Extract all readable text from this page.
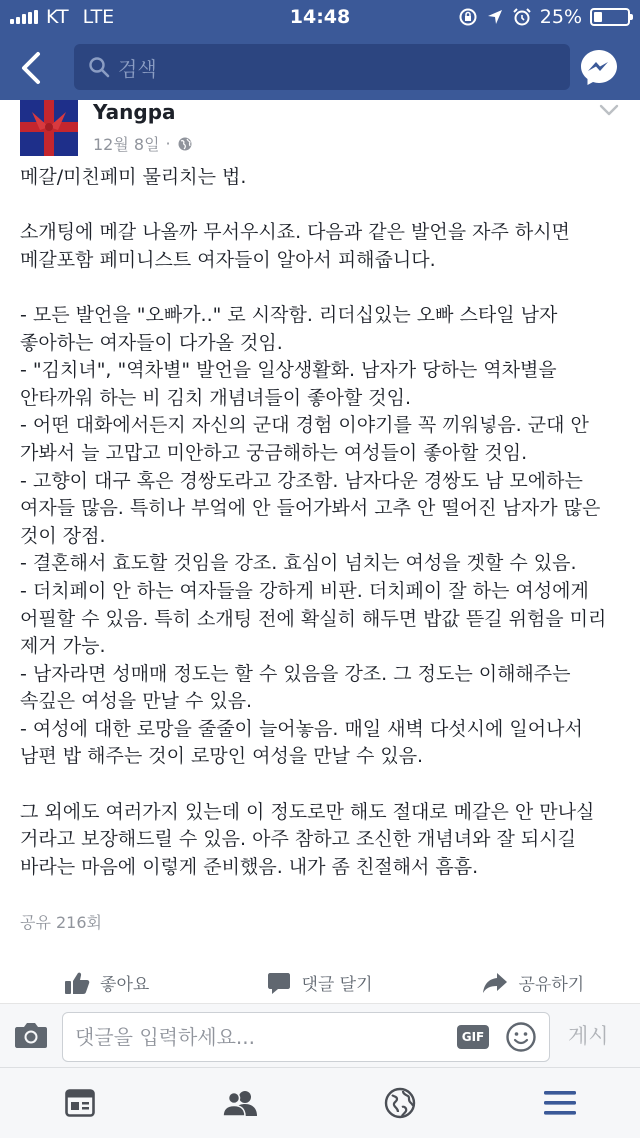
KT LTE	14:48	25%
검색
Yangpa
12월 8일 ·
메갈/미친페미 물리치는 법.

소개팅에 메갈 나올까 무서우시죠. 다음과 같은 발언을 자주 하시면
메갈포함 페미니스트 여자들이 알아서 피해줍니다.

- 모든 발언을 "오빠가.." 로 시작함. 리더십있는 오빠 스타일 남자
좋아하는 여자들이 다가올 것임.
- "김치녀", "역차별" 발언을 일상생활화. 남자가 당하는 역차별을
안타까워 하는 비 김치 개념녀들이 좋아할 것임.
- 어떤 대화에서든지 자신의 군대 경험 이야기를 꼭 끼워넣음. 군대 안
가봐서 늘 고맙고 미안하고 궁금해하는 여성들이 좋아할 것임.
- 고향이 대구 혹은 경쌍도라고 강조함. 남자다운 경쌍도 남 모에하는
여자들 많음. 특히나 부엌에 안 들어가봐서 고추 안 떨어진 남자가 많은
것이 장점.
- 결혼해서 효도할 것임을 강조. 효심이 넘치는 여성을 겟할 수 있음.
- 더치페이 안 하는 여자들을 강하게 비판. 더치페이 잘 하는 여성에게
어필할 수 있음. 특히 소개팅 전에 확실히 해두면 밥값 뜯길 위험을 미리
제거 가능.
- 남자라면 성매매 정도는 할 수 있음을 강조. 그 정도는 이해해주는
속깊은 여성을 만날 수 있음.
- 여성에 대한 로망을 줄줄이 늘어놓음. 매일 새벽 다섯시에 일어나서
남편 밥 해주는 것이 로망인 여성을 만날 수 있음.

그 외에도 여러가지 있는데 이 정도로만 해도 절대로 메갈은 안 만나실
거라고 보장해드릴 수 있음. 아주 참하고 조신한 개념녀와 잘 되시길
바라는 마음에 이렇게 준비했음. 내가 좀 친절해서 흠흠.
공유 216회
좋아요	댓글 달기	공유하기
댓글을 입력하세요...
GIF	게시
